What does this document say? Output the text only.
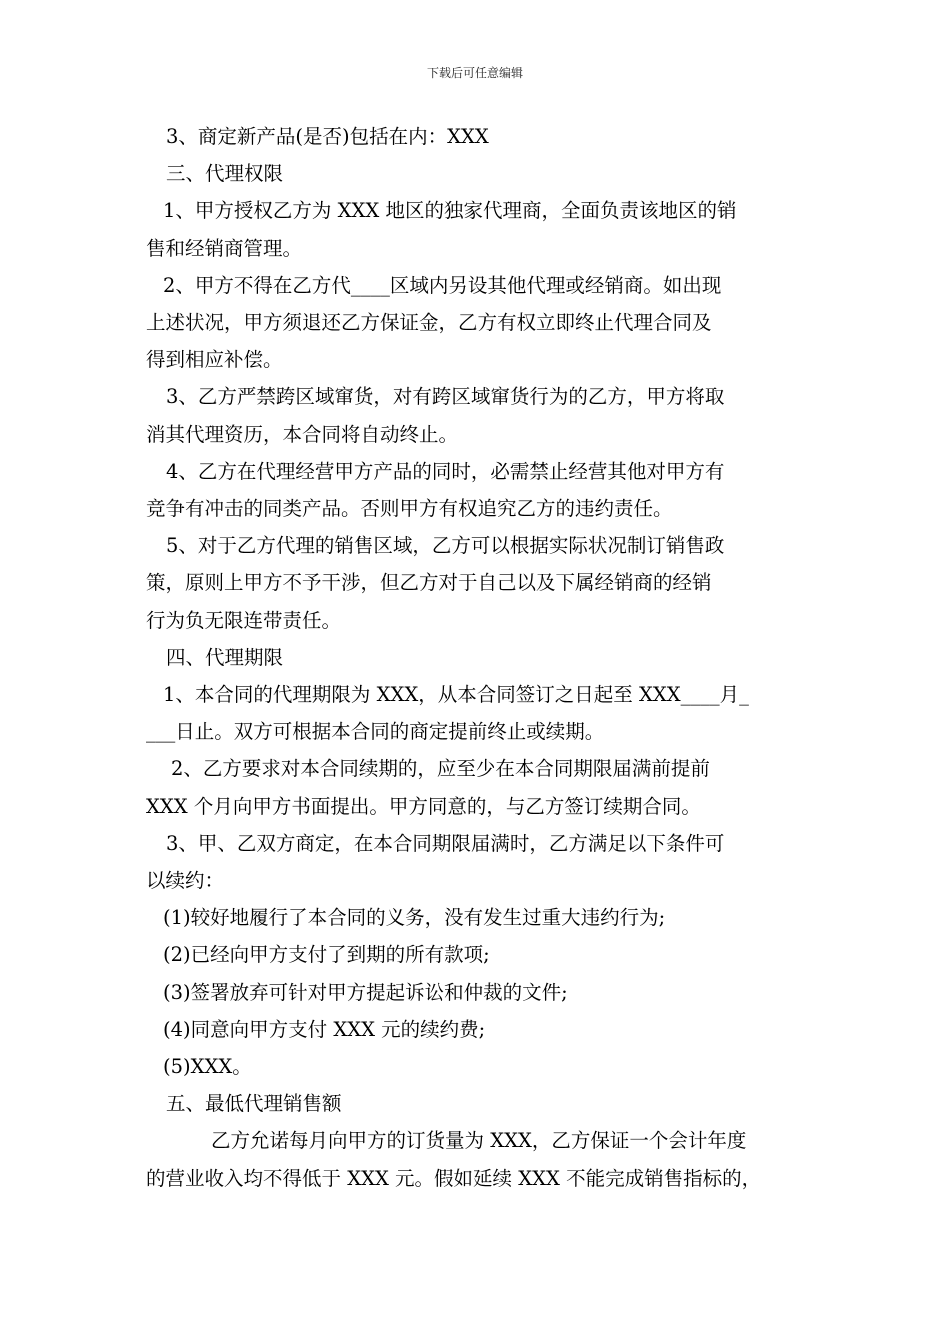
下载后可任意编辑

3、商定新产品(是否)包括在内：XXX

三、代理权限

1、甲方授权乙方为 XXX 地区的独家代理商，全面负责该地区的销

售和经销商管理。

2、甲方不得在乙方代____区域内另设其他代理或经销商。如出现

上述状况，甲方须退还乙方保证金，乙方有权立即终止代理合同及

得到相应补偿。

3、乙方严禁跨区域窜货，对有跨区域窜货行为的乙方，甲方将取

消其代理资历，本合同将自动终止。

4、乙方在代理经营甲方产品的同时，必需禁止经营其他对甲方有

竞争有冲击的同类产品。否则甲方有权追究乙方的违约责任。

5、对于乙方代理的销售区域，乙方可以根据实际状况制订销售政

策，原则上甲方不予干涉，但乙方对于自己以及下属经销商的经销

行为负无限连带责任。

四、代理期限

1、本合同的代理期限为 XXX，从本合同签订之日起至 XXX____月_

___日止。双方可根据本合同的商定提前终止或续期。

2、乙方要求对本合同续期的，应至少在本合同期限届满前提前

XXX 个月向甲方书面提出。甲方同意的，与乙方签订续期合同。

3、甲、乙双方商定，在本合同期限届满时，乙方满足以下条件可

以续约：

(1)较好地履行了本合同的义务，没有发生过重大违约行为;

(2)已经向甲方支付了到期的所有款项;

(3)签署放弃可针对甲方提起诉讼和仲裁的文件;

(4)同意向甲方支付 XXX 元的续约费;

(5)XXX。

五、最低代理销售额

乙方允诺每月向甲方的订货量为 XXX，乙方保证一个会计年度

的营业收入均不得低于 XXX 元。假如延续 XXX 不能完成销售指标的，
